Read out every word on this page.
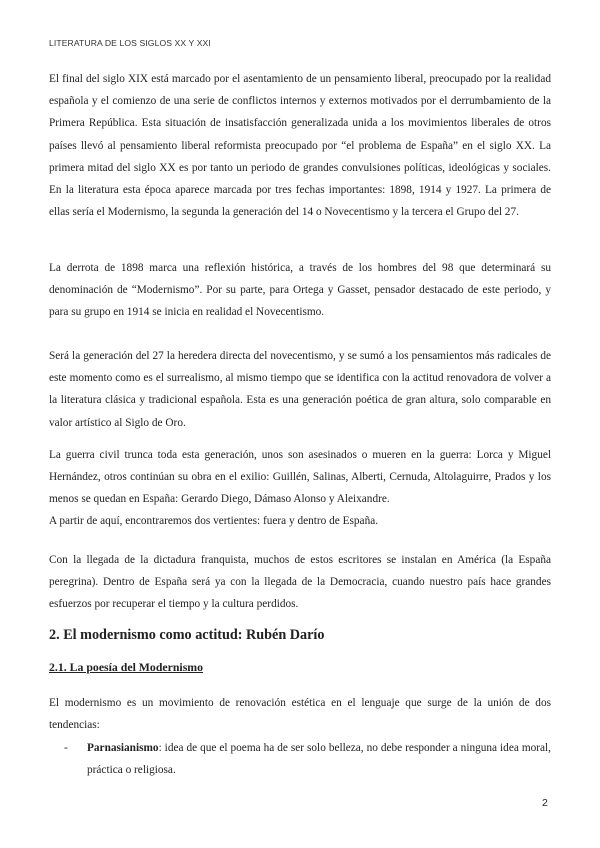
LITERATURA DE LOS SIGLOS XX Y XXI

El final del siglo XIX está marcado por el asentamiento de un pensamiento liberal, preocupado por la realidad española y el comienzo de una serie de conflictos internos y externos motivados por el derrumbamiento de la Primera República. Esta situación de insatisfacción generalizada unida a los movimientos liberales de otros países llevó al pensamiento liberal reformista preocupado por “el problema de España” en el siglo XX. La primera mitad del siglo XX es por tanto un periodo de grandes convulsiones políticas, ideológicas y sociales. En la literatura esta época aparece marcada por tres fechas importantes: 1898, 1914 y 1927. La primera de ellas sería el Modernismo, la segunda la generación del 14 o Novecentismo y la tercera el Grupo del 27.

La derrota de 1898 marca una reflexión histórica, a través de los hombres del 98 que determinará su denominación de “Modernismo”. Por su parte, para Ortega y Gasset, pensador destacado de este periodo, y para su grupo en 1914 se inicia en realidad el Novecentismo.

Será la generación del 27 la heredera directa del novecentismo, y se sumó a los pensamientos más radicales de este momento como es el surrealismo, al mismo tiempo que se identifica con la actitud renovadora de volver a la literatura clásica y tradicional española. Esta es una generación poética de gran altura, solo comparable en valor artístico al Siglo de Oro.

La guerra civil trunca toda esta generación, unos son asesinados o mueren en la guerra: Lorca y Miguel Hernández, otros continúan su obra en el exilio: Guillén, Salinas, Alberti, Cernuda, Altolaguirre, Prados y los menos se quedan en España: Gerardo Diego, Dámaso Alonso y Aleixandre.

A partir de aquí, encontraremos dos vertientes: fuera y dentro de España.

Con la llegada de la dictadura franquista, muchos de estos escritores se instalan en América (la España peregrina). Dentro de España será ya con la llegada de la Democracia, cuando nuestro país hace grandes esfuerzos por recuperar el tiempo y la cultura perdidos.

2. El modernismo como actitud: Rubén Darío
2.1. La poesía del Modernismo

El modernismo es un movimiento de renovación estética en el lenguaje que surge de la unión de dos tendencias:

- Parnasianismo: idea de que el poema ha de ser solo belleza, no debe responder a ninguna idea moral, práctica o religiosa.
2
